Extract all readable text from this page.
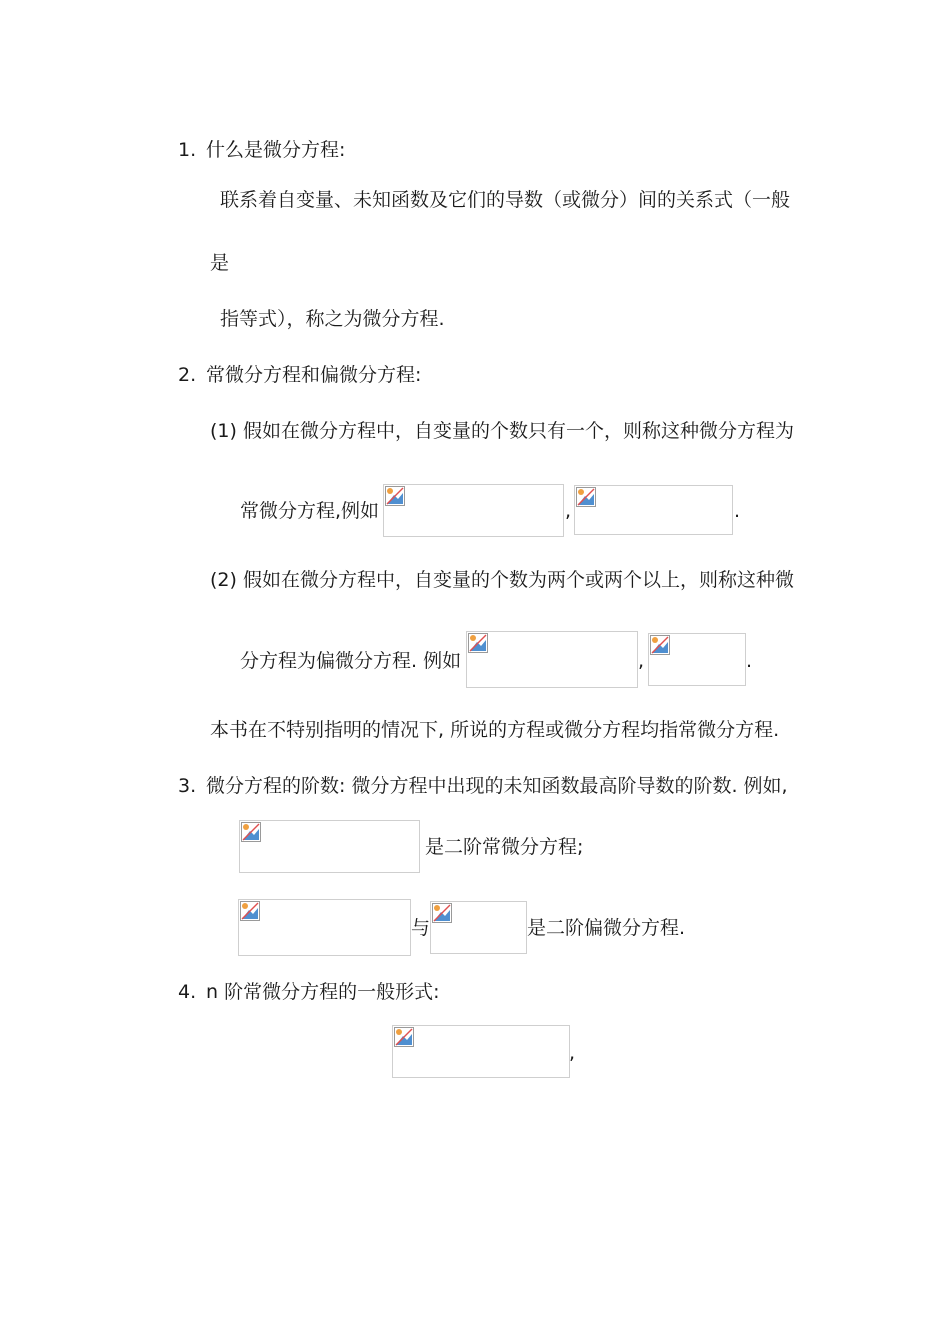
1. 什么是微分方程:
联系着自变量、未知函数及它们的导数（或微分）间的关系式（一般
是
指等式），称之为微分方程.
2. 常微分方程和偏微分方程:
(1) 假如在微分方程中，自变量的个数只有一个，则称这种微分方程为
常微分方程,例如	,	.
(2) 假如在微分方程中，自变量的个数为两个或两个以上，则称这种微
分方程为偏微分方程. 例如	,	.
本书在不特别指明的情况下, 所说的方程或微分方程均指常微分方程.
3. 微分方程的阶数: 微分方程中出现的未知函数最高阶导数的阶数. 例如,
是二阶常微分方程;
与	是二阶偏微分方程.
4. n 阶常微分方程的一般形式:
,
